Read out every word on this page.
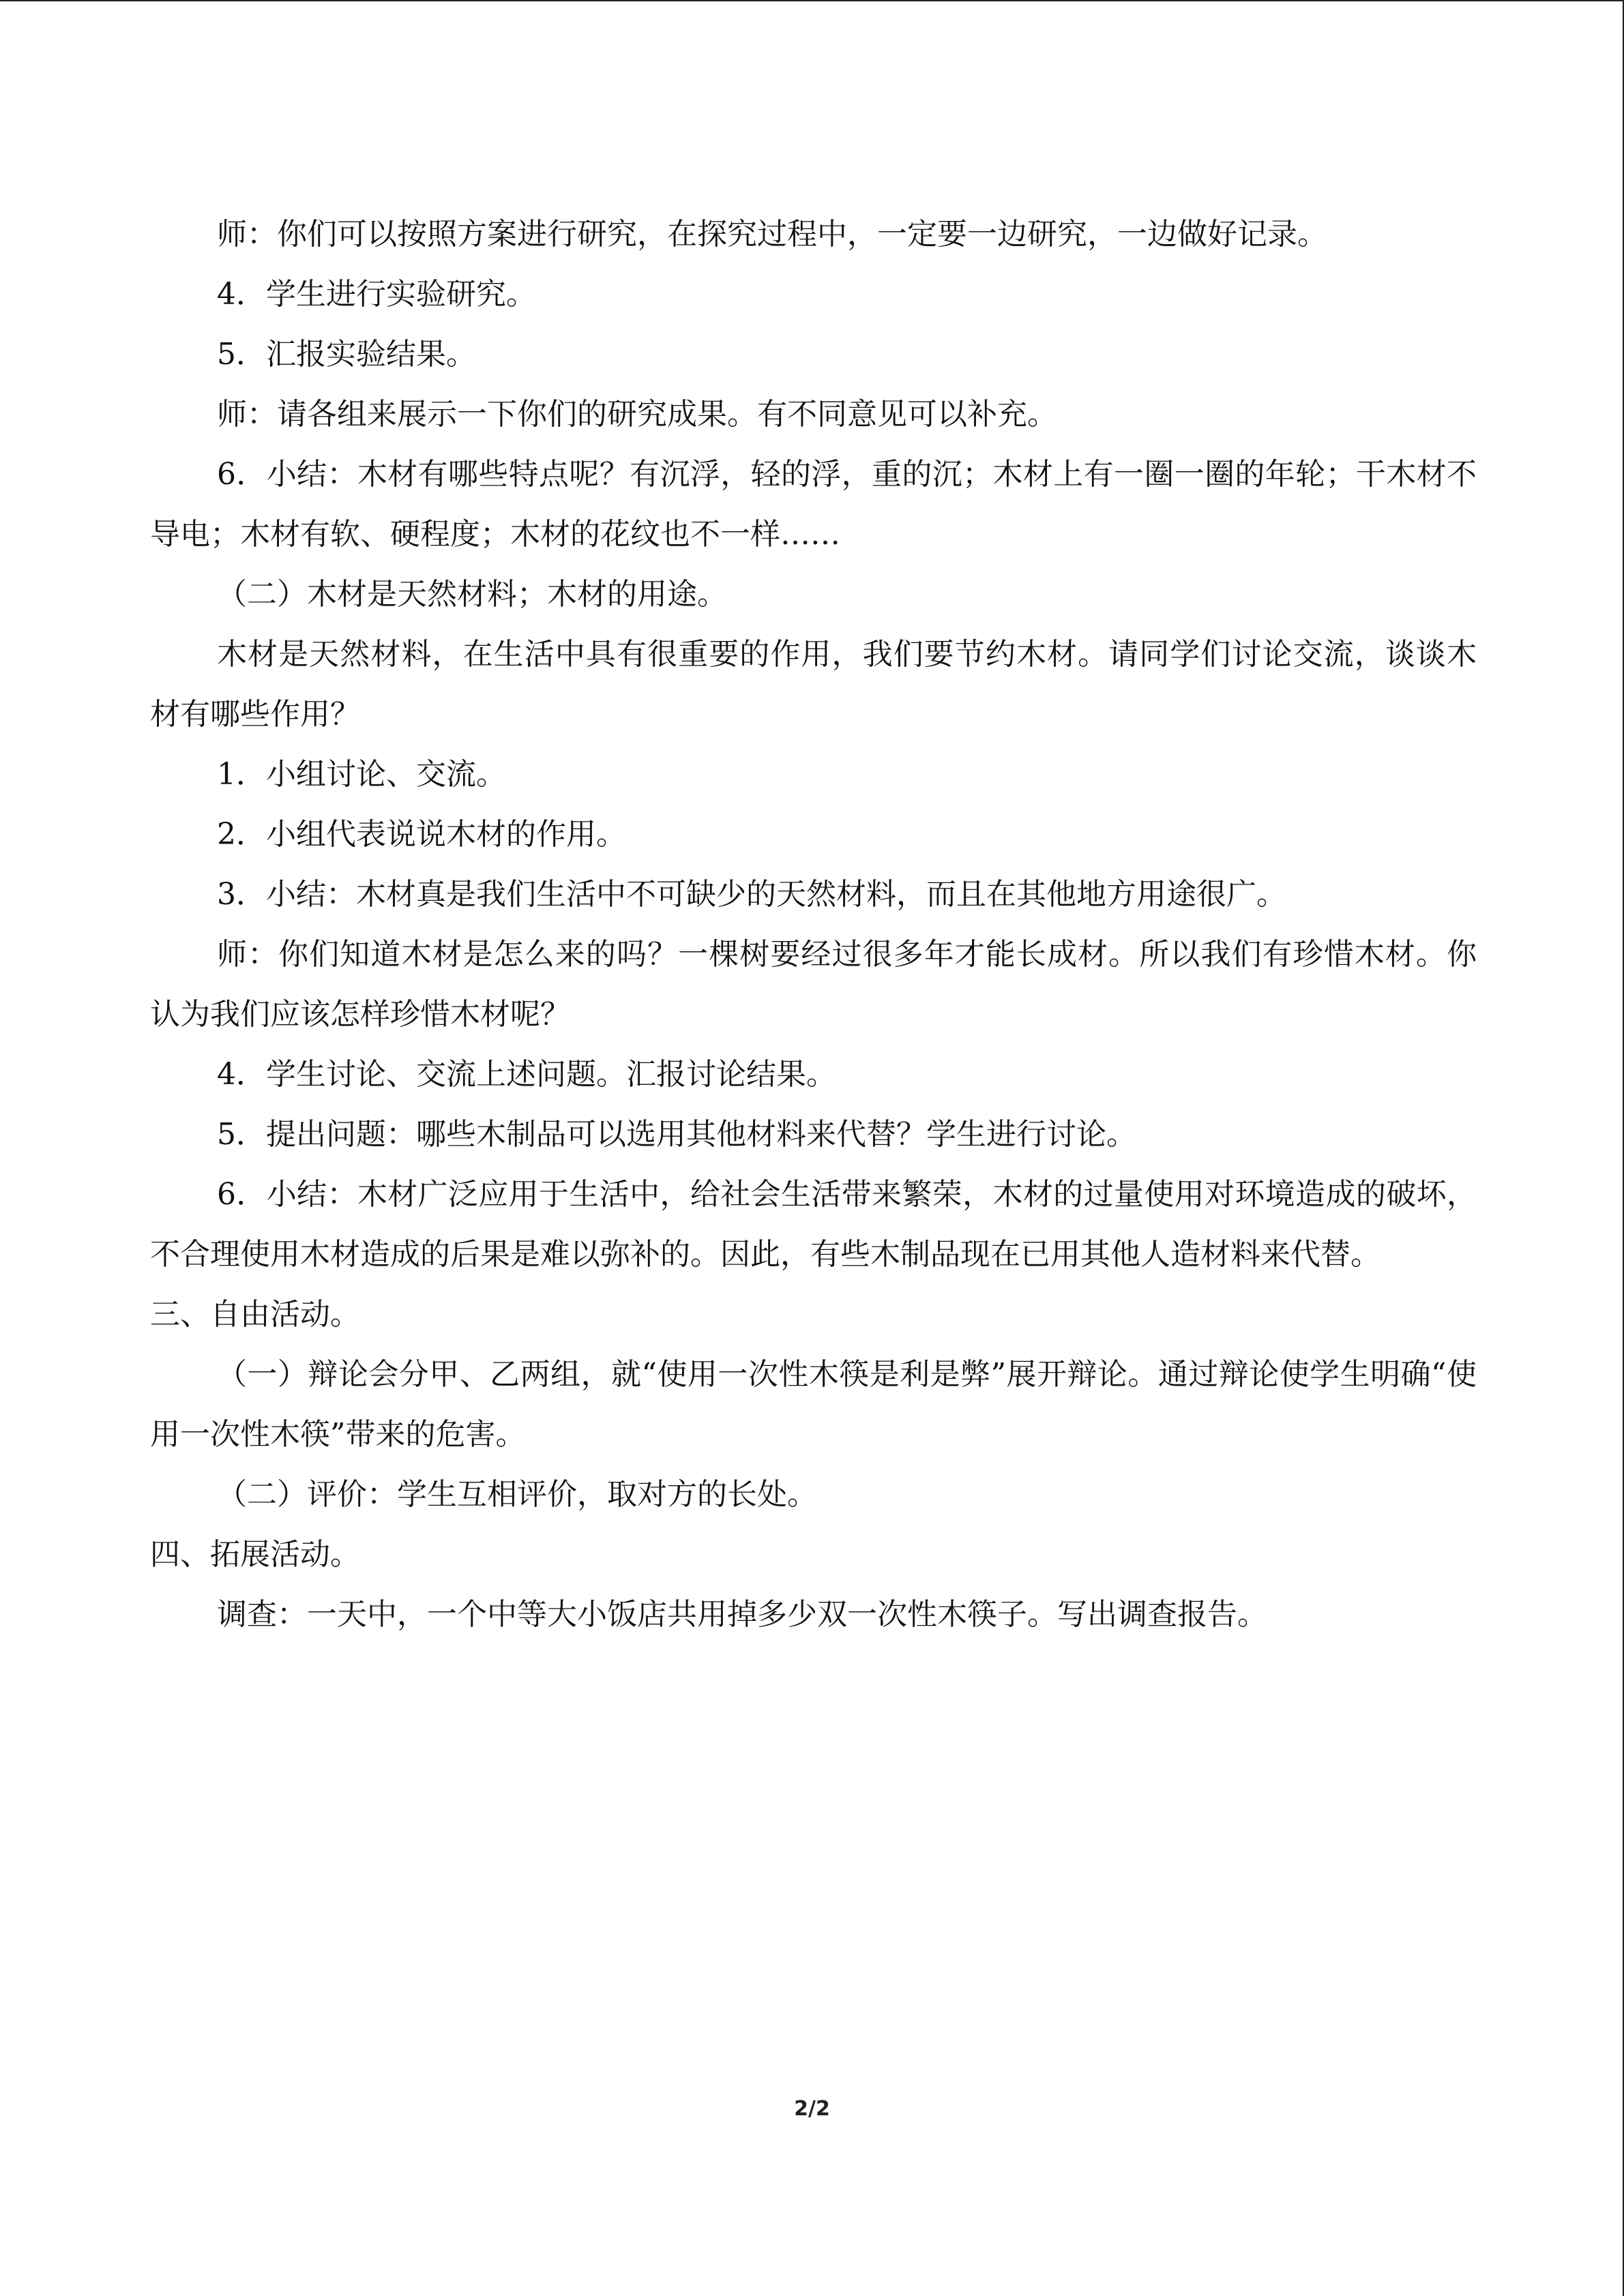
师：你们可以按照方案进行研究，在探究过程中，一定要一边研究，一边做好记录。

4．学生进行实验研究。

5．汇报实验结果。

师：请各组来展示一下你们的研究成果。有不同意见可以补充。

6．小结：木材有哪些特点呢？有沉浮，轻的浮，重的沉；木材上有一圈一圈的年轮；干木材不导电；木材有软、硬程度；木材的花纹也不一样……

（二）木材是天然材料；木材的用途。

木材是天然材料，在生活中具有很重要的作用，我们要节约木材。请同学们讨论交流，谈谈木材有哪些作用？

1．小组讨论、交流。

2．小组代表说说木材的作用。

3．小结：木材真是我们生活中不可缺少的天然材料，而且在其他地方用途很广。

师：你们知道木材是怎么来的吗？一棵树要经过很多年才能长成材。所以我们有珍惜木材。你认为我们应该怎样珍惜木材呢？

4．学生讨论、交流上述问题。汇报讨论结果。

5．提出问题：哪些木制品可以选用其他材料来代替？学生进行讨论。

6．小结：木材广泛应用于生活中，给社会生活带来繁荣，木材的过量使用对环境造成的破坏，不合理使用木材造成的后果是难以弥补的。因此，有些木制品现在已用其他人造材料来代替。

三、自由活动。

（一）辩论会分甲、乙两组，就“使用一次性木筷是利是弊”展开辩论。通过辩论使学生明确“使用一次性木筷”带来的危害。

（二）评价：学生互相评价，取对方的长处。

四、拓展活动。

调查：一天中，一个中等大小饭店共用掉多少双一次性木筷子。写出调查报告。

2/2
